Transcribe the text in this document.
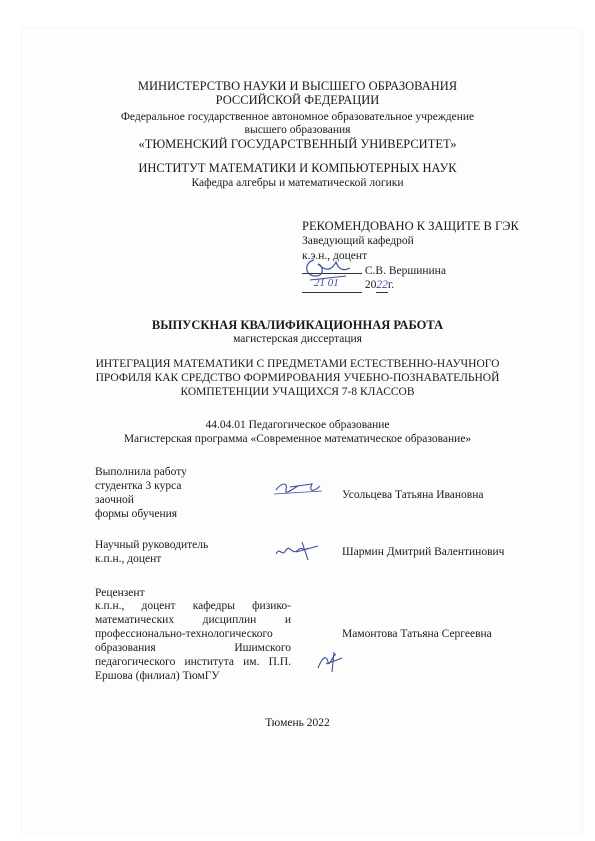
МИНИСТЕРСТВО НАУКИ И ВЫСШЕГО ОБРАЗОВАНИЯ
РОССИЙСКОЙ ФЕДЕРАЦИИ
Федеральное государственное автономное образовательное учреждение
высшего образования
«ТЮМЕНСКИЙ ГОСУДАРСТВЕННЫЙ УНИВЕРСИТЕТ»
ИНСТИТУТ МАТЕМАТИКИ И КОМПЬЮТЕРНЫХ НАУК
Кафедра алгебры и математической логики
РЕКОМЕНДОВАНО К ЗАЩИТЕ В ГЭК
Заведующий кафедрой
к.э.н., доцент
С.В. Вершинина
2022г.
21 01
ВЫПУСКНАЯ КВАЛИФИКАЦИОННАЯ РАБОТА
магистерская диссертация
ИНТЕГРАЦИЯ МАТЕМАТИКИ С ПРЕДМЕТАМИ ЕСТЕСТВЕННО-НАУЧНОГО
ПРОФИЛЯ КАК СРЕДСТВО ФОРМИРОВАНИЯ УЧЕБНО-ПОЗНАВАТЕЛЬНОЙ
КОМПЕТЕНЦИИ УЧАЩИХСЯ 7-8 КЛАССОВ
44.04.01 Педагогическое образование
Магистерская программа «Современное математическое образование»
Выполнила работу
студентка 3 курса
заочной
формы обучения
Усольцева Татьяна Ивановна
Научный руководитель
к.п.н., доцент
Шармин Дмитрий Валентинович
Рецензент
к.п.н., доцент кафедры физико-математических дисциплин и профессионально-технологического образования Ишимского педагогического института им. П.П. Ершова (филиал) ТюмГУ
Мамонтова Татьяна Сергеевна
Тюмень 2022
